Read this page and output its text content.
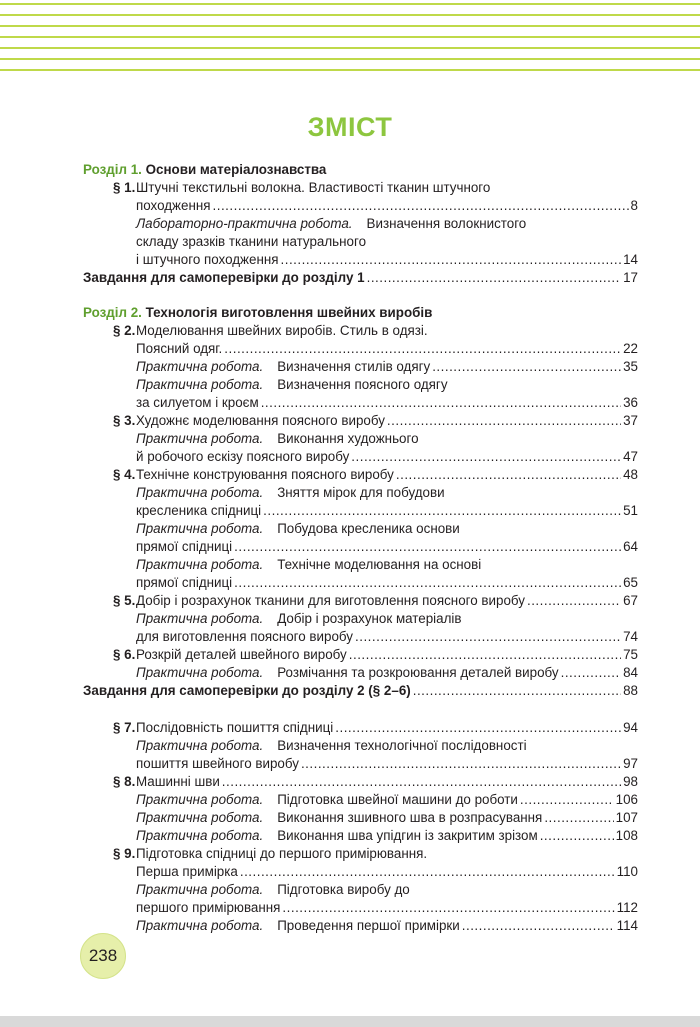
ЗМІСТ
Розділ 1. Основи матеріалознавства
§ 1. Штучні текстильні волокна. Властивості тканин штучного
походження .....	8
Лабораторно-практична робота. Визначення волокнистого
складу зразків тканини натурального
і штучного походження .....	14
Завдання для самоперевірки до розділу 1 .....	17
Розділ 2. Технологія виготовлення швейних виробів
§ 2. Моделювання швейних виробів. Стиль в одязі.
Поясний одяг. .....	22
Практична робота. Визначення стилів одягу .....	35
Практична робота. Визначення поясного одягу
за силуетом і кроєм .....	36
§ 3. Художнє моделювання поясного виробу .....	37
Практична робота. Виконання художнього
й робочого ескізу поясного виробу .....	47
§ 4. Технічне конструювання поясного виробу .....	48
Практична робота. Зняття мірок для побудови
кресленика спідниці .....	51
Практична робота. Побудова кресленика основи
прямої спідниці .....	64
Практична робота. Технічне моделювання на основі
прямої спідниці .....	65
§ 5. Добір і розрахунок тканини для виготовлення поясного виробу .....	67
Практична робота. Добір і розрахунок матеріалів
для виготовлення поясного виробу .....	74
§ 6. Розкрій деталей швейного виробу .....	75
Практична робота. Розмічання та розкроювання деталей виробу .....	84
Завдання для самоперевірки до розділу 2 (§ 2–6) .....	88
§ 7. Послідовність пошиття спідниці .....	94
Практична робота. Визначення технологічної послідовності
пошиття швейного виробу .....	97
§ 8. Машинні шви .....	98
Практична робота. Підготовка швейної машини до роботи .....	106
Практична робота. Виконання зшивного шва в розпрасування .....	107
Практична робота. Виконання шва упідгин із закритим зрізом .....	108
§ 9. Підготовка спідниці до першого примірювання.
Перша примірка .....	110
Практична робота. Підготовка виробу до
першого примірювання .....	112
Практична робота. Проведення першої примірки .....	114
238
